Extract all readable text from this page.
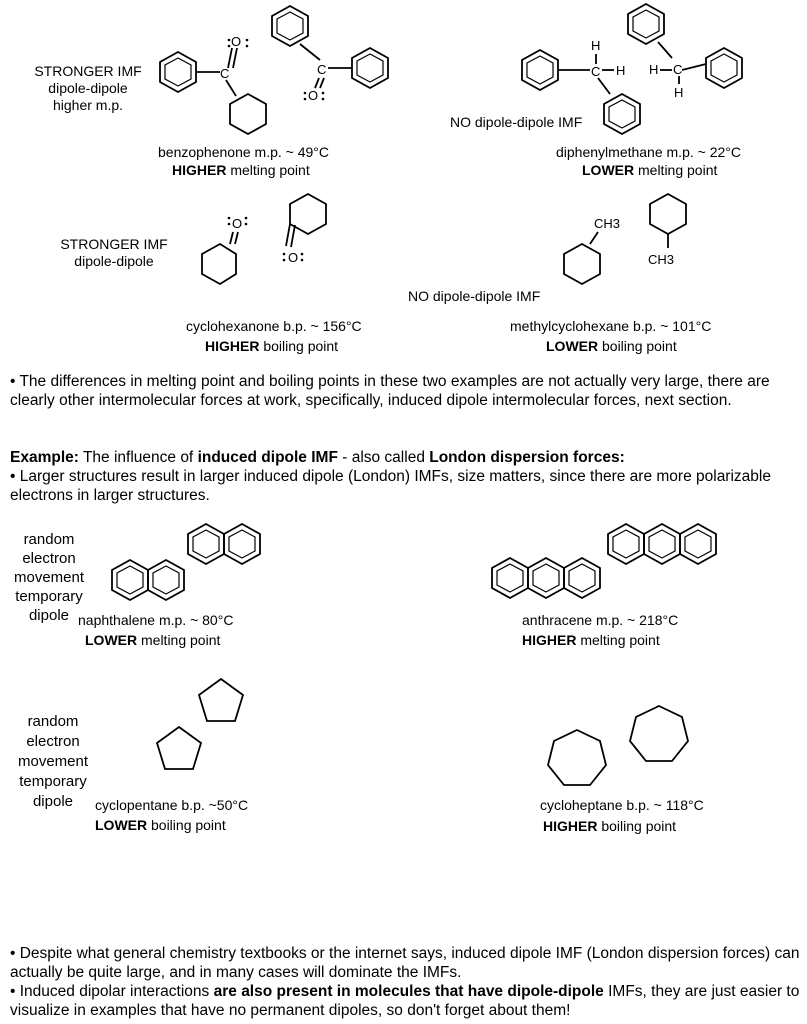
STRONGER IMF
dipole-dipole
higher m.p.
C
O
C
O
benzophenone m.p. ~ 49°C
HIGHER melting point
C
H
H H C
H
NO dipole-dipole IMF
diphenylmethane m.p. ~ 22°C
LOWER melting point
STRONGER IMF
dipole-dipole
O
O
CH3
CH3
NO dipole-dipole IMF
cyclohexanone b.p. ~ 156°C
HIGHER boiling point
methylcyclohexane b.p. ~ 101°C
LOWER boiling point
• The differences in melting point and boiling points in these two examples are not actually very large, there are clearly other intermolecular forces at work, specifically, induced dipole intermolecular forces, next section.
Example: The influence of induced dipole IMF - also called London dispersion forces:
• Larger structures result in larger induced dipole (London) IMFs, size matters, since there are more polarizable electrons in larger structures.
random
electron
movement
temporary
dipole naphthalene m.p. ~ 80°C
LOWER melting point
anthracene m.p. ~ 218°C
HIGHER melting point
random
electron
movement
temporary
dipole	cyclopentane b.p. ~50°C
LOWER boiling point
cycloheptane b.p. ~ 118°C
HIGHER boiling point
• Despite what general chemistry textbooks or the internet says, induced dipole IMF (London dispersion forces) can actually be quite large, and in many cases will dominate the IMFs.
• Induced dipolar interactions are also present in molecules that have dipole-dipole IMFs, they are just easier to visualize in examples that have no permanent dipoles, so don't forget about them!
